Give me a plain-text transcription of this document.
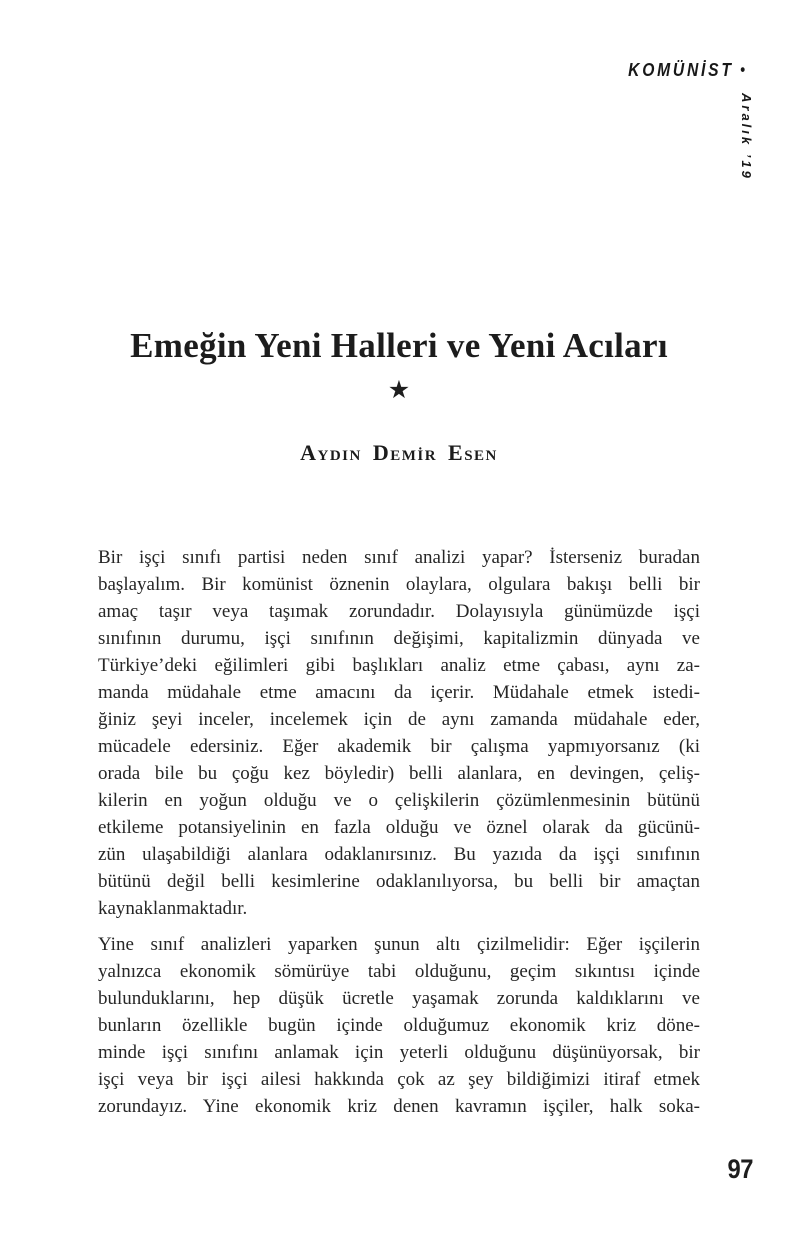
KOMÜNİST •
Aralık ’19
Emeğin Yeni Halleri ve Yeni Acıları
★
Aydın Demir Esen
Bir işçi sınıfı partisi neden sınıf analizi yapar? İsterseniz buradan
başlayalım. Bir komünist öznenin olaylara, olgulara bakışı belli bir
amaç taşır veya taşımak zorundadır. Dolayısıyla günümüzde işçi
sınıfının durumu, işçi sınıfının değişimi, kapitalizmin dünyada ve
Türkiye’deki eğilimleri gibi başlıkları analiz etme çabası, aynı za-
manda müdahale etme amacını da içerir. Müdahale etmek istedi-
ğiniz şeyi inceler, incelemek için de aynı zamanda müdahale eder,
mücadele edersiniz. Eğer akademik bir çalışma yapmıyorsanız (ki
orada bile bu çoğu kez böyledir) belli alanlara, en devingen, çeliş-
kilerin en yoğun olduğu ve o çelişkilerin çözümlenmesinin bütünü
etkileme potansiyelinin en fazla olduğu ve öznel olarak da gücünü-
zün ulaşabildiği alanlara odaklanırsınız. Bu yazıda da işçi sınıfının
bütünü değil belli kesimlerine odaklanılıyorsa, bu belli bir amaçtan
kaynaklanmaktadır.
Yine sınıf analizleri yaparken şunun altı çizilmelidir: Eğer işçilerin
yalnızca ekonomik sömürüye tabi olduğunu, geçim sıkıntısı içinde
bulunduklarını, hep düşük ücretle yaşamak zorunda kaldıklarını ve
bunların özellikle bugün içinde olduğumuz ekonomik kriz döne-
minde işçi sınıfını anlamak için yeterli olduğunu düşünüyorsak, bir
işçi veya bir işçi ailesi hakkında çok az şey bildiğimizi itiraf etmek
zorundayız. Yine ekonomik kriz denen kavramın işçiler, halk soka-
97
